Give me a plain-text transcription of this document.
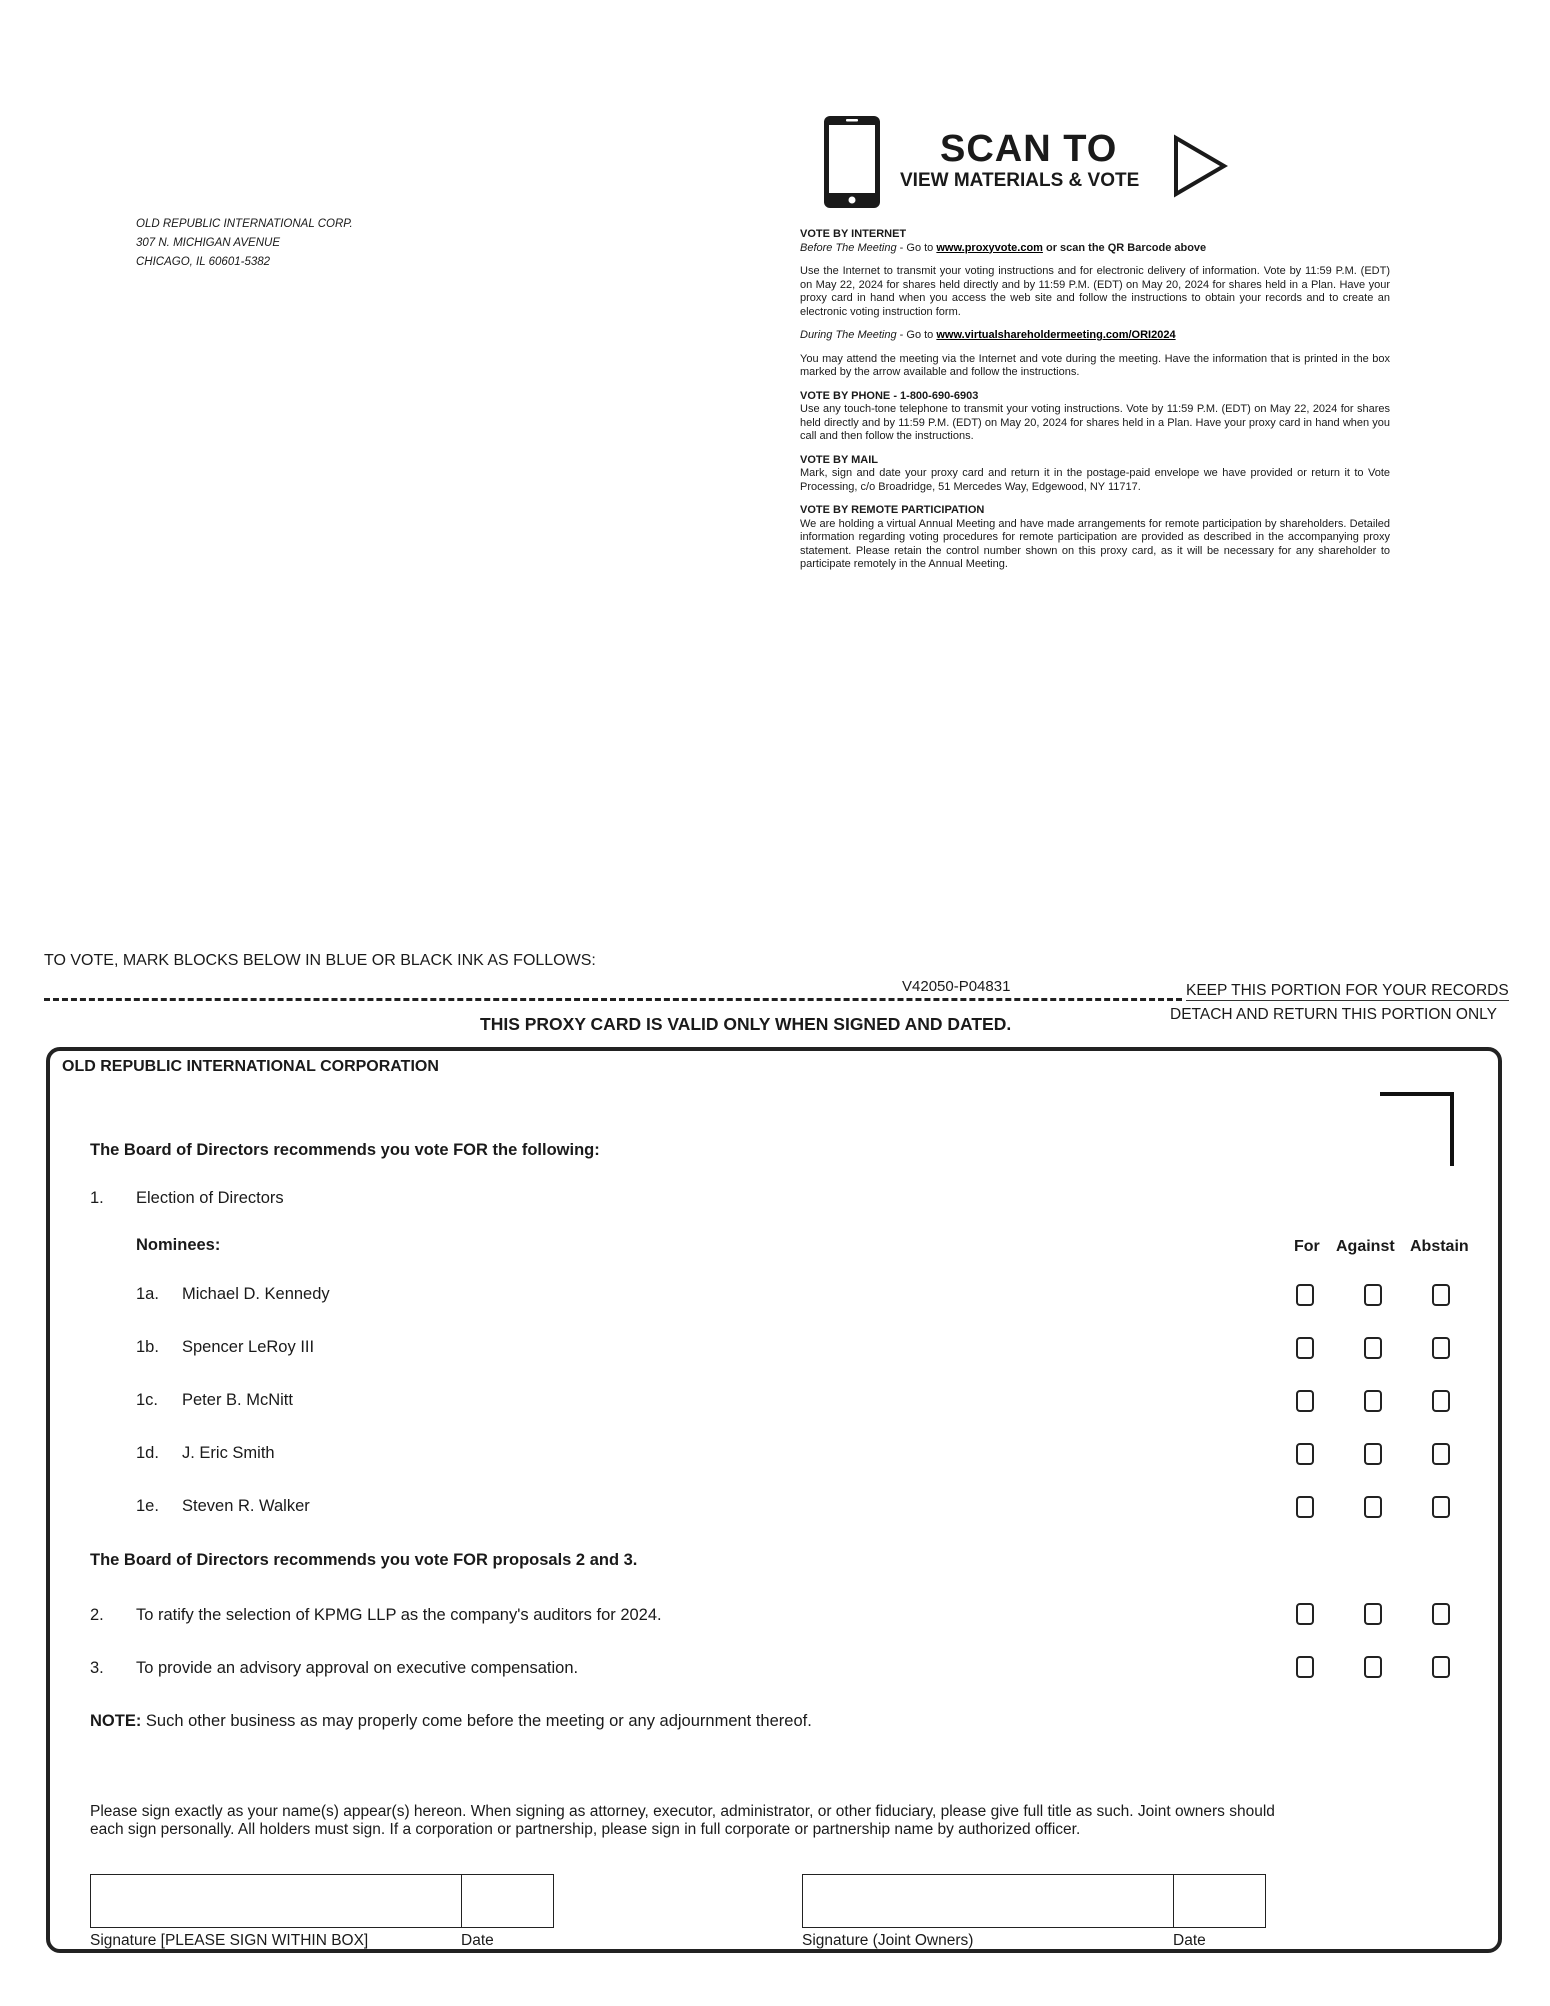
OLD REPUBLIC INTERNATIONAL CORP.
307 N. MICHIGAN AVENUE
CHICAGO, IL 60601-5382
SCAN TO
VIEW MATERIALS & VOTE

VOTE BY INTERNET

Before The Meeting - Go to www.proxyvote.com or scan the QR Barcode above

Use the Internet to transmit your voting instructions and for electronic delivery of information. Vote by 11:59 P.M. (EDT) on May 22, 2024 for shares held directly and by 11:59 P.M. (EDT) on May 20, 2024 for shares held in a Plan. Have your proxy card in hand when you access the web site and follow the instructions to obtain your records and to create an electronic voting instruction form.

During The Meeting - Go to www.virtualshareholdermeeting.com/ORI2024

You may attend the meeting via the Internet and vote during the meeting. Have the information that is printed in the box marked by the arrow available and follow the instructions.

VOTE BY PHONE - 1-800-690-6903

Use any touch-tone telephone to transmit your voting instructions. Vote by 11:59 P.M. (EDT) on May 22, 2024 for shares held directly and by 11:59 P.M. (EDT) on May 20, 2024 for shares held in a Plan. Have your proxy card in hand when you call and then follow the instructions.

VOTE BY MAIL

Mark, sign and date your proxy card and return it in the postage-paid envelope we have provided or return it to Vote Processing, c/o Broadridge, 51 Mercedes Way, Edgewood, NY 11717.

VOTE BY REMOTE PARTICIPATION

We are holding a virtual Annual Meeting and have made arrangements for remote participation by shareholders. Detailed information regarding voting procedures for remote participation are provided as described in the accompanying proxy statement. Please retain the control number shown on this proxy card, as it will be necessary for any shareholder to participate remotely in the Annual Meeting.

TO VOTE, MARK BLOCKS BELOW IN BLUE OR BLACK INK AS FOLLOWS:
V42050-P04831	KEEP THIS PORTION FOR YOUR RECORDS
DETACH AND RETURN THIS PORTION ONLY
THIS PROXY CARD IS VALID ONLY WHEN SIGNED AND DATED.
OLD REPUBLIC INTERNATIONAL CORPORATION
The Board of Directors recommends you vote FOR the following:
1. Election of Directors
Nominees:	For Against Abstain
1a. Michael D. Kennedy
1b. Spencer LeRoy III
1c. Peter B. McNitt
1d. J. Eric Smith
1e. Steven R. Walker
The Board of Directors recommends you vote FOR proposals 2 and 3.
2. To ratify the selection of KPMG LLP as the company's auditors for 2024.
3. To provide an advisory approval on executive compensation.
NOTE: Such other business as may properly come before the meeting or any adjournment thereof.
Please sign exactly as your name(s) appear(s) hereon. When signing as attorney, executor, administrator, or other fiduciary, please give full title as such. Joint owners should each sign personally. All holders must sign. If a corporation or partnership, please sign in full corporate or partnership name by authorized officer.
Signature [PLEASE SIGN WITHIN BOX]	Date	Signature (Joint Owners)	Date
